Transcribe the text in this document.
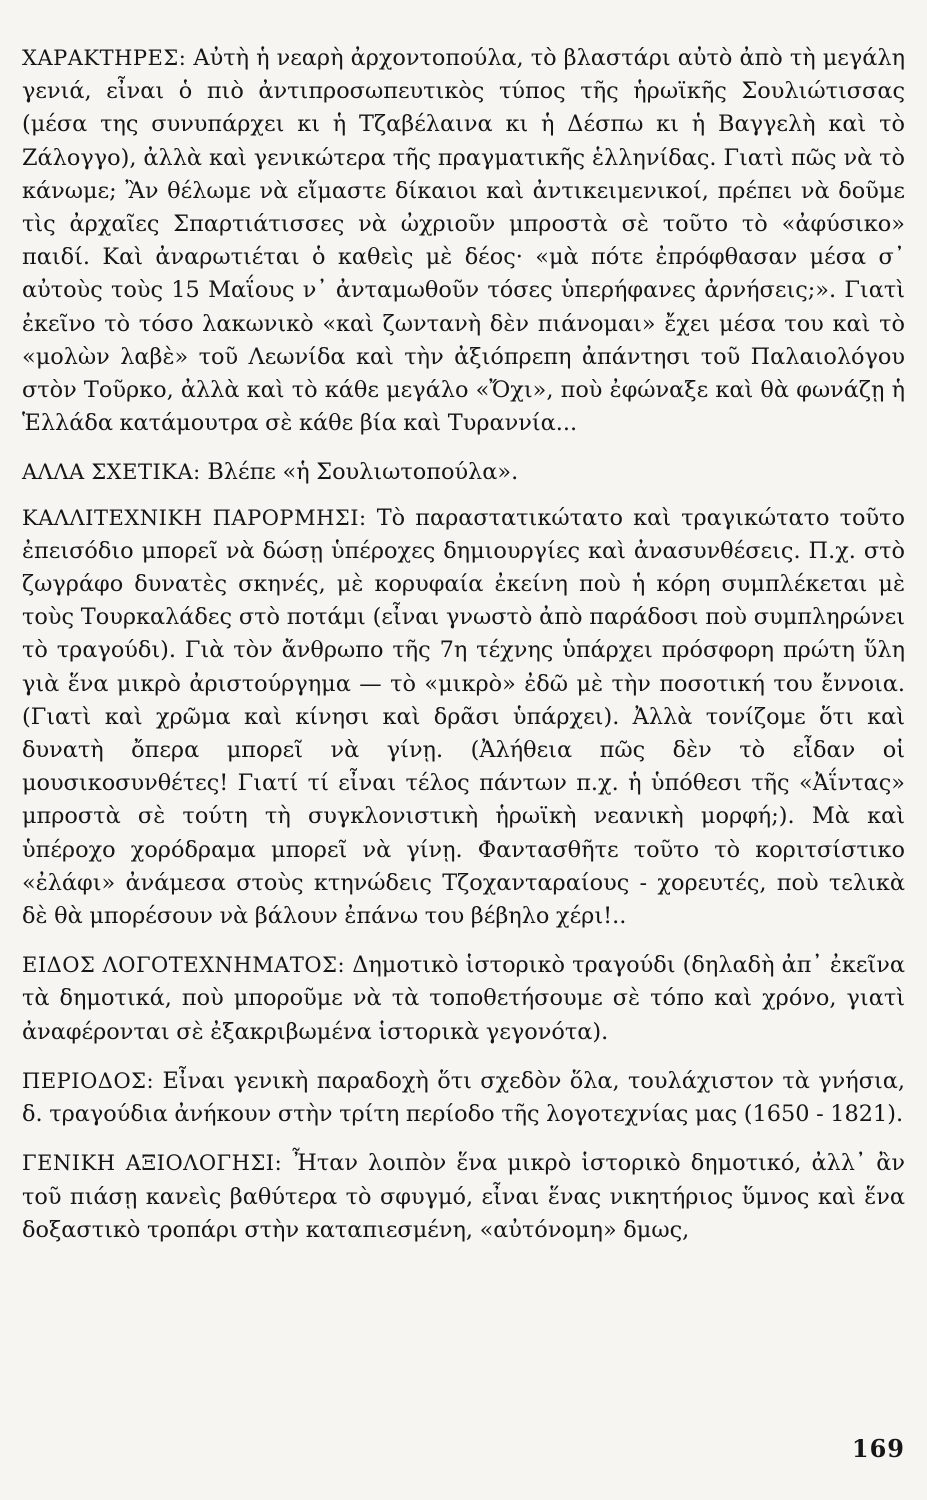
ΧΑΡΑΚΤΗΡΕΣ: Αὐτὴ ἡ νεαρὴ ἀρχοντοπούλα, τὸ βλαστάρι αὐτὸ ἀπὸ τὴ μεγάλη γενιά, εἶναι ὁ πιὸ ἀντιπροσωπευτικὸς τύπος τῆς ἡρωϊκῆς Σουλιώτισσας (μέσα της συνυπάρχει κι ἡ Τζαβέλαινα κι ἡ Δέσπω κι ἡ Βαγγελὴ καὶ τὸ Ζάλογγο), ἀλλὰ καὶ γενικώτερα τῆς πραγματικῆς ἑλληνίδας. Γιατὶ πῶς νὰ τὸ κάνωμε; Ἂν θέλωμε νὰ εἴμαστε δίκαιοι καὶ ἀντικειμενικοί, πρέπει νὰ δοῦμε τὶς ἀρχαῖες Σπαρτιάτισσες νὰ ὠχριοῦν μπροστὰ σὲ τοῦτο τὸ «ἀφύσικο» παιδί. Καὶ ἀναρωτιέται ὁ καθεὶς μὲ δέος· «μὰ πότε ἐπρόφθασαν μέσα σ᾽ αὐτοὺς τοὺς 15 Μαΐους ν᾽ ἀνταμωθοῦν τόσες ὑπερήφανες ἀρνήσεις;». Γιατὶ ἐκεῖνο τὸ τόσο λακωνικὸ «καὶ ζωντανὴ δὲν πιάνομαι» ἔχει μέσα του καὶ τὸ «μολὼν λαβὲ» τοῦ Λεωνίδα καὶ τὴν ἀξιόπρεπη ἀπάντησι τοῦ Παλαιολόγου στὸν Τοῦρκο, ἀλλὰ καὶ τὸ κάθε μεγάλο «Ὄχι», ποὺ ἐφώναξε καὶ θὰ φωνάζῃ ἡ Ἑλλάδα κατάμουτρα σὲ κάθε βία καὶ Τυραννία...

ΑΛΛΑ ΣΧΕΤΙΚΑ: Βλέπε «ἡ Σουλιωτοπούλα».

ΚΑΛΛΙΤΕΧΝΙΚΗ ΠΑΡΟΡΜΗΣΙ: Τὸ παραστατικώτατο καὶ τραγικώτατο τοῦτο ἐπεισόδιο μπορεῖ νὰ δώσῃ ὑπέροχες δημιουργίες καὶ ἀνασυνθέσεις. Π.χ. στὸ ζωγράφο δυνατὲς σκηνές, μὲ κορυφαία ἐκείνη ποὺ ἡ κόρη συμπλέκεται μὲ τοὺς Τουρκαλάδες στὸ ποτάμι (εἶναι γνωστὸ ἀπὸ παράδοσι ποὺ συμπληρώνει τὸ τραγούδι). Γιὰ τὸν ἄνθρωπο τῆς 7η τέχνης ὑπάρχει πρόσφορη πρώτη ὕλη γιὰ ἕνα μικρὸ ἀριστούργημα — τὸ «μικρὸ» ἐδῶ μὲ τὴν ποσοτική του ἔννοια. (Γιατὶ καὶ χρῶμα καὶ κίνησι καὶ δρᾶσι ὑπάρχει). Ἀλλὰ τονίζομε ὅτι καὶ δυνατὴ ὄπερα μπορεῖ νὰ γίνῃ. (Ἀλήθεια πῶς δὲν τὸ εἶδαν οἱ μουσικοσυνθέτες! Γιατί τί εἶναι τέλος πάντων π.χ. ἡ ὑπόθεσι τῆς «Ἀΐντας» μπροστὰ σὲ τούτη τὴ συγκλονιστικὴ ἡρωϊκὴ νεανικὴ μορφή;). Μὰ καὶ ὑπέροχο χορόδραμα μπορεῖ νὰ γίνῃ. Φαντασθῆτε τοῦτο τὸ κοριτσίστικο «ἐλάφι» ἀνάμεσα στοὺς κτηνώδεις Τζοχανταραίους - χορευτές, ποὺ τελικὰ δὲ θὰ μπορέσουν νὰ βάλουν ἐπάνω του βέβηλο χέρι!..

ΕΙΔΟΣ ΛΟΓΟΤΕΧΝΗΜΑΤΟΣ: Δημοτικὸ ἱστορικὸ τραγούδι (δηλαδὴ ἀπ᾽ ἐκεῖνα τὰ δημοτικά, ποὺ μποροῦμε νὰ τὰ τοποθετήσουμε σὲ τόπο καὶ χρόνο, γιατὶ ἀναφέρονται σὲ ἐξακριβωμένα ἱστορικὰ γεγονότα).

ΠΕΡΙΟΔΟΣ: Εἶναι γενικὴ παραδοχὴ ὅτι σχεδὸν ὅλα, τουλάχιστον τὰ γνήσια, δ. τραγούδια ἀνήκουν στὴν τρίτη περίοδο τῆς λογοτεχνίας μας (1650 - 1821).

ΓΕΝΙΚΗ ΑΞΙΟΛΟΓΗΣΙ: Ἦταν λοιπὸν ἕνα μικρὸ ἱστορικὸ δημοτικό, ἀλλ᾽ ἂν τοῦ πιάσῃ κανεὶς βαθύτερα τὸ σφυγμό, εἶναι ἕνας νικητήριος ὕμνος καὶ ἕνα δοξαστικὸ τροπάρι στὴν καταπιεσμένη, «αὐτόνομη» δμως,

169
